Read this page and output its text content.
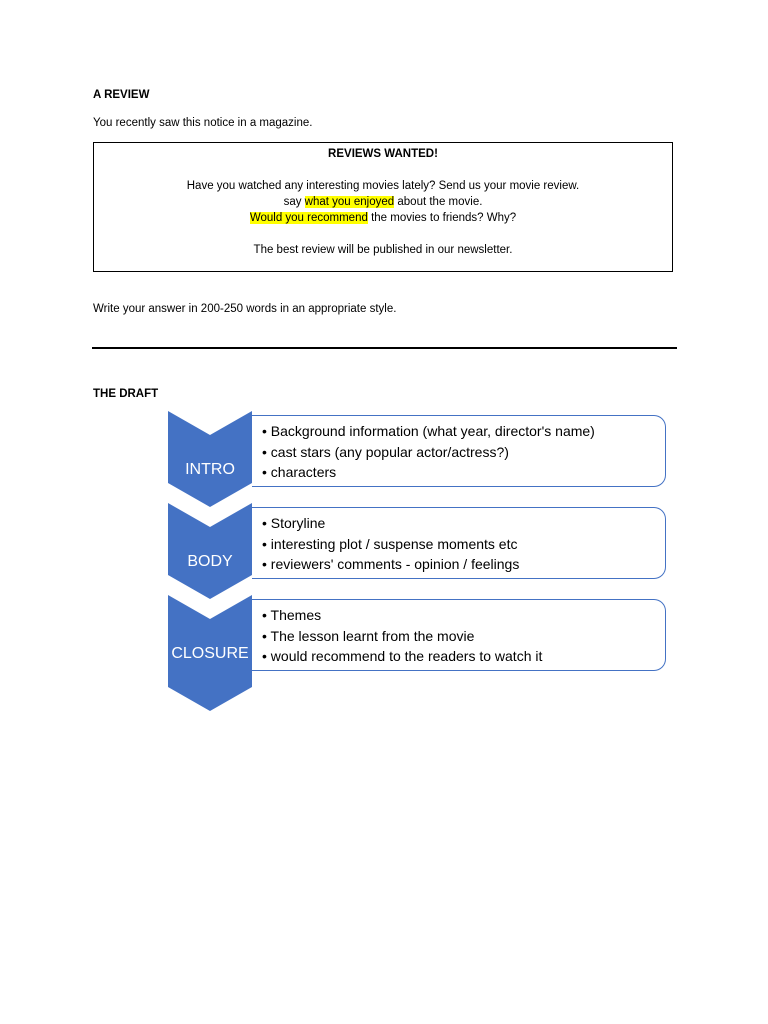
A REVIEW
You recently saw this notice in a magazine.
REVIEWS WANTED!
Have you watched any interesting movies lately? Send us your movie review.
say what you enjoyed about the movie.
Would you recommend the movies to friends? Why?
The best review will be published in our newsletter.
Write your answer in 200-250 words in an appropriate style.
THE DRAFT
INTRO
BODY
CLOSURE
• Background information (what year, director's name)
• cast stars (any popular actor/actress?)
• characters
• Storyline
• interesting plot / suspense moments etc
• reviewers' comments - opinion / feelings
• Themes
• The lesson learnt from the movie
• would recommend to the readers to watch it
